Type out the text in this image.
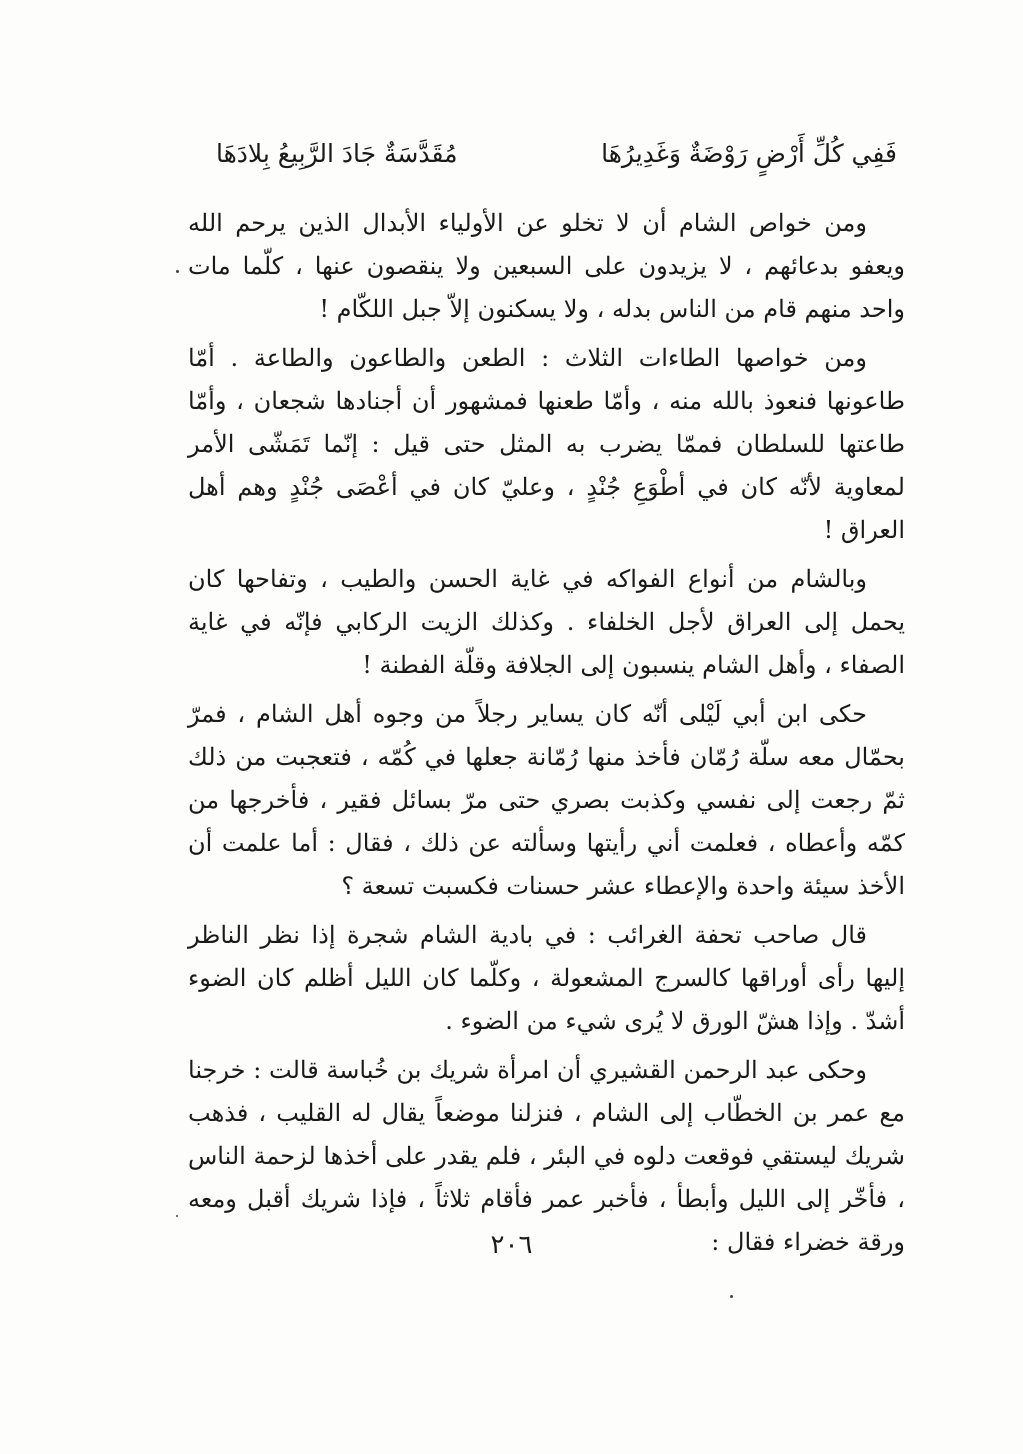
فَفِي كُلِّ أَرْضٍ رَوْضَةٌ وَغَدِيرُهَا
مُقَدَّسَةٌ جَادَ الرَّبِيعُ بِلادَهَا

ومن خواص الشام أن لا تخلو عن الأولياء الأبدال الذين يرحم الله ويعفو بدعائهم ، لا يزيدون على السبعين ولا ينقصون عنها ، كلّما مات واحد منهم قام من الناس بدله ، ولا يسكنون إلاّ جبل اللكّام !

ومن خواصها الطاءات الثلاث : الطعن والطاعون والطاعة . أمّا طاعونها فنعوذ بالله منه ، وأمّا طعنها فمشهور أن أجنادها شجعان ، وأمّا طاعتها للسلطان فممّا يضرب به المثل حتى قيل : إنّما تَمَشّى الأمر لمعاوية لأنّه كان في أطْوَعِ جُنْدٍ ، وعليّ كان في أعْصَى جُنْدٍ وهم أهل العراق !

وبالشام من أنواع الفواكه في غاية الحسن والطيب ، وتفاحها كان يحمل إلى العراق لأجل الخلفاء . وكذلك الزيت الركابي فإنّه في غاية الصفاء ، وأهل الشام ينسبون إلى الجلافة وقلّة الفطنة !

حكى ابن أبي لَيْلى أنّه كان يساير رجلاً من وجوه أهل الشام ، فمرّ بحمّال معه سلّة رُمّان فأخذ منها رُمّانة جعلها في كُمّه ، فتعجبت من ذلك ثمّ رجعت إلى نفسي وكذبت بصري حتى مرّ بسائل فقير ، فأخرجها من كمّه وأعطاه ، فعلمت أني رأيتها وسألته عن ذلك ، فقال : أما علمت أن الأخذ سيئة واحدة والإعطاء عشر حسنات فكسبت تسعة ؟

قال صاحب تحفة الغرائب : في بادية الشام شجرة إذا نظر الناظر إليها رأى أوراقها كالسرج المشعولة ، وكلّما كان الليل أظلم كان الضوء أشدّ . وإذا هشّ الورق لا يُرى شيء من الضوء .

وحكى عبد الرحمن القشيري أن امرأة شريك بن خُباسة قالت : خرجنا مع عمر بن الخطّاب إلى الشام ، فنزلنا موضعاً يقال له القليب ، فذهب شريك ليستقي فوقعت دلوه في البئر ، فلم يقدر على أخذها لزحمة الناس ، فأخّر إلى الليل وأبطأ ، فأخبر عمر فأقام ثلاثاً ، فإذا شريك أقبل ومعه ورقة خضراء فقال :

٢٠٦
